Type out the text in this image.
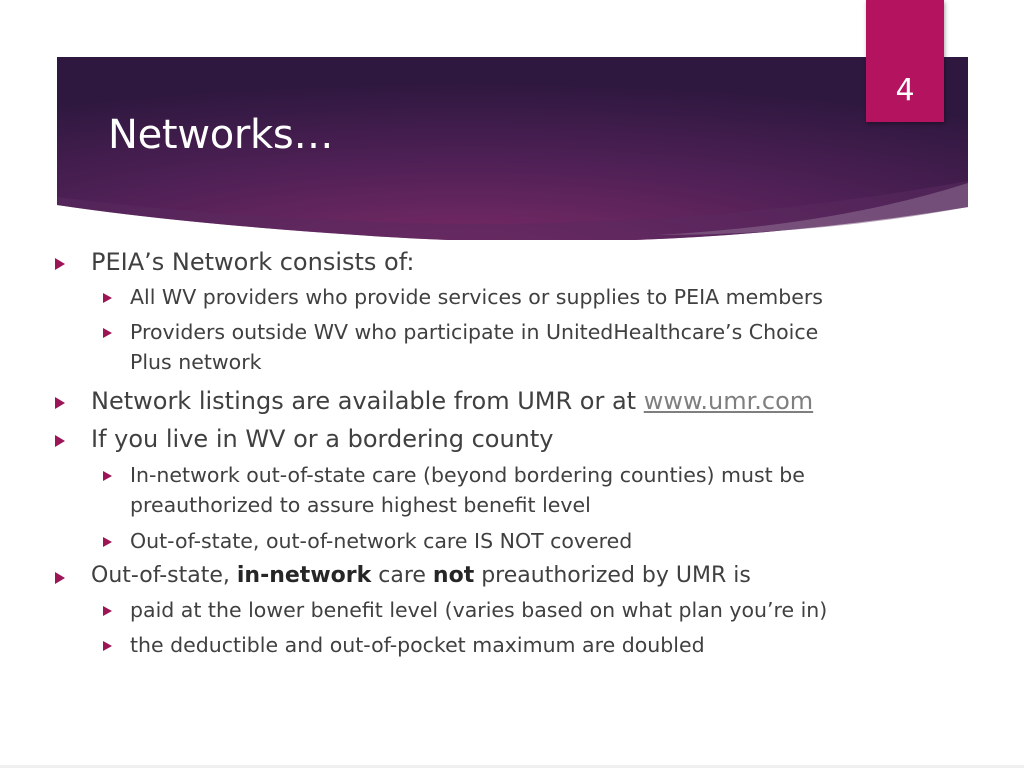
Networks…
4
PEIA’s Network consists of:
All WV providers who provide services or supplies to PEIA members
Providers outside WV who participate in UnitedHealthcare’s Choice
Plus network
Network listings are available from UMR or at www.umr.com
If you live in WV or a bordering county
In-network out-of-state care (beyond bordering counties) must be
preauthorized to assure highest benefit level
Out-of-state, out-of-network care IS NOT covered
Out-of-state, in-network care not preauthorized by UMR is
paid at the lower benefit level (varies based on what plan you’re in)
the deductible and out-of-pocket maximum are doubled
